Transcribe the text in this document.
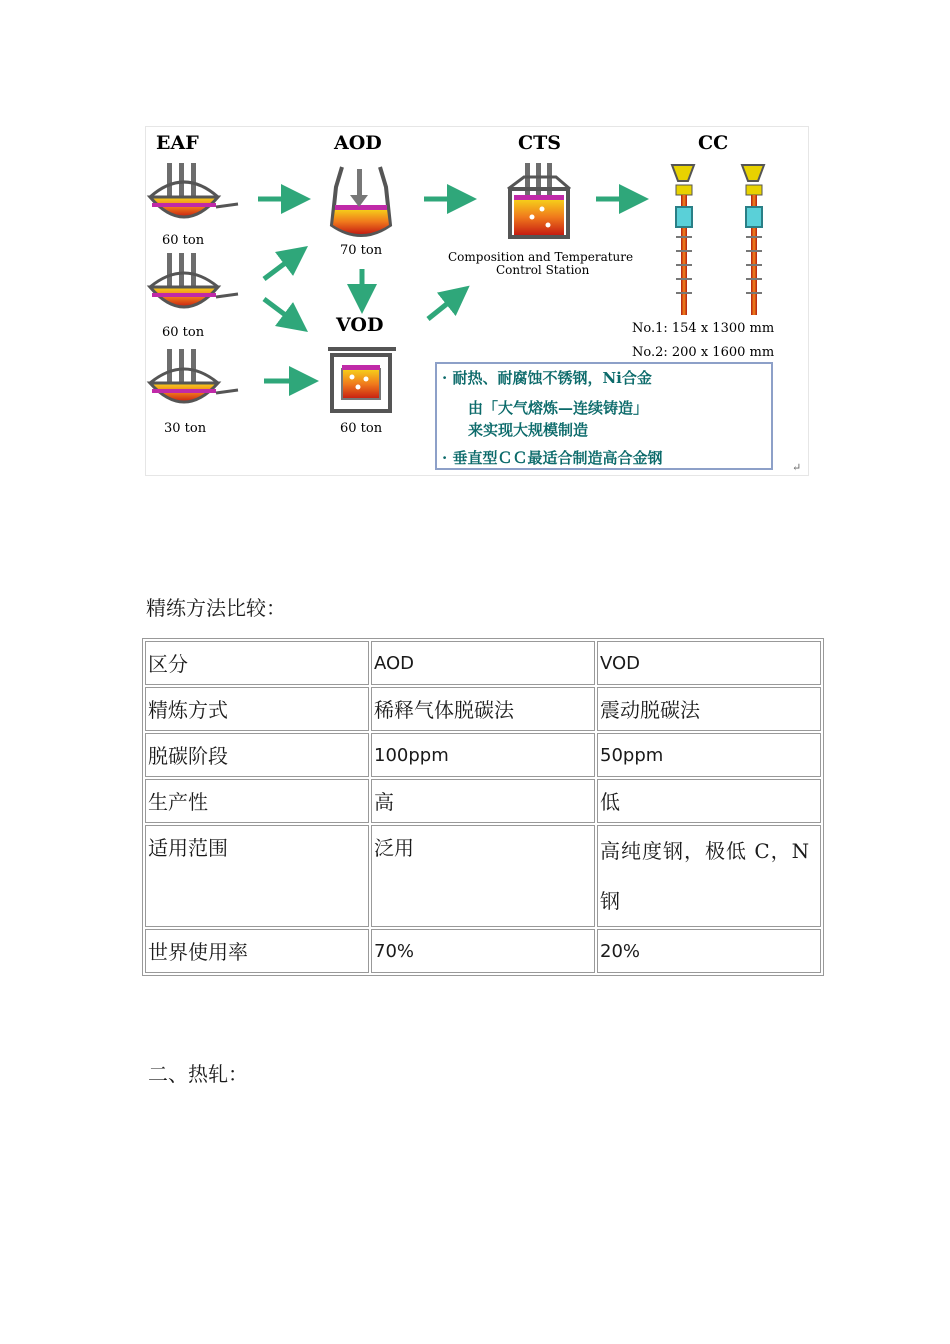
EAF	AOD	CTS	CC
VOD
60 ton
60 ton
30 ton
70 ton
60 ton
Composition and Temperature
Control Station
No.1: 154 x 1300 mm
No.2: 200 x 1600 mm
· 耐热、耐腐蚀不锈钢，Ni合金
由「大气熔炼—连续铸造」
来实现大规模制造
· 垂直型ＣＣ最适合制造高合金钢
↵
精练方法比较：
区分	AOD	VOD
精炼方式	稀释气体脱碳法	震动脱碳法
脱碳阶段	100ppm	50ppm
生产性	高	低
适用范围	泛用	高纯度钢，极低 C，N 钢
世界使用率	70%	20%
二、热轧：
